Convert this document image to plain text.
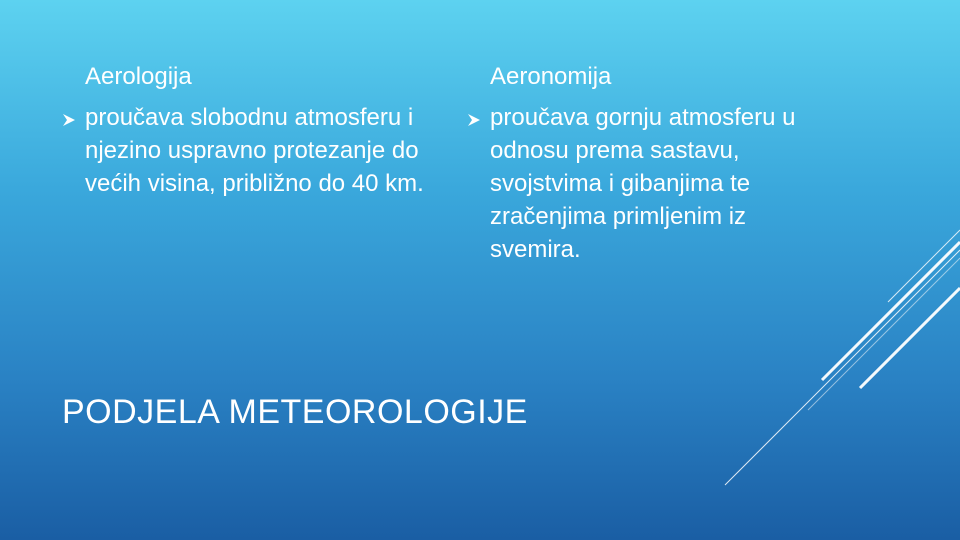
Aerologija
proučava slobodnu atmosferu i njezino uspravno protezanje do većih visina, približno do 40 km.
Aeronomija
proučava gornju atmosferu u odnosu prema sastavu, svojstvima i gibanjima te zračenjima primljenim iz svemira.
PODJELA METEOROLOGIJE
